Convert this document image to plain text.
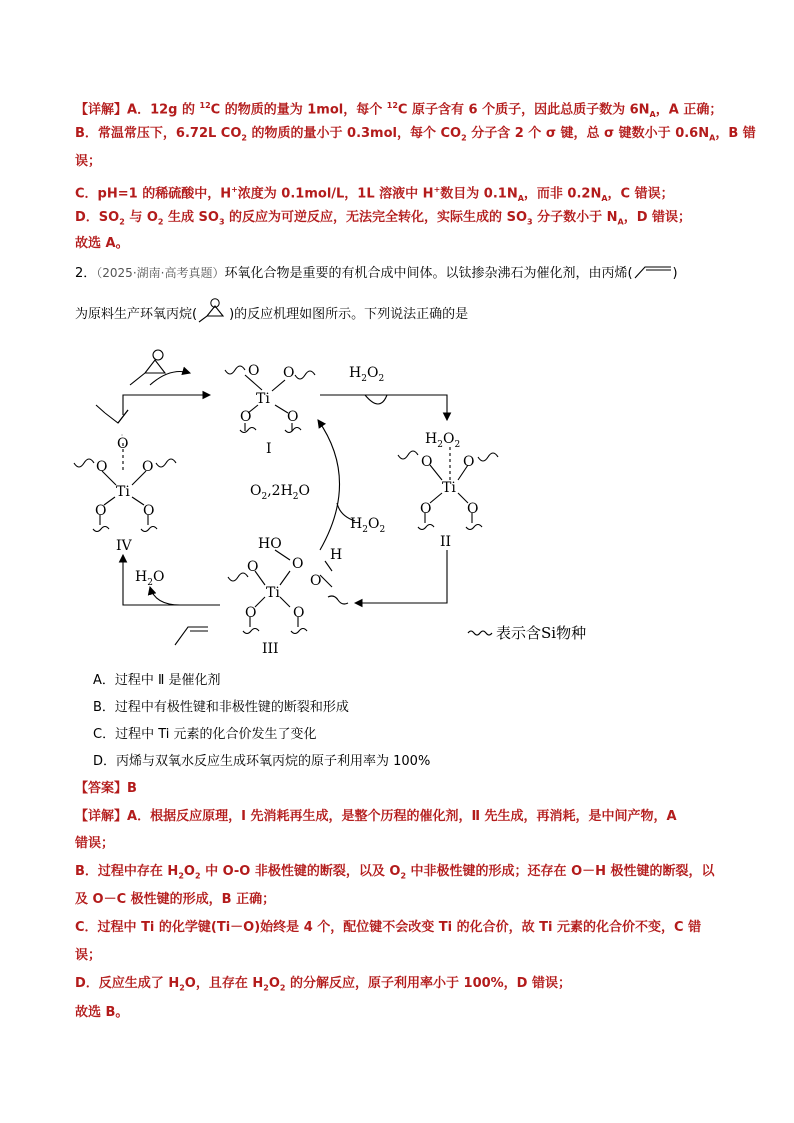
【详解】A．12g 的 $^{12}$C 的物质的量为 1mol，每个 $^{12}$C 原子含有 6 个质子，因此总质子数为 $6N_A$，A 正确；
B．常温常压下，6.72L $CO_2$ 的物质的量小于 0.3mol，每个 $CO_2$ 分子含 2 个 σ 键，总 σ 键数小于 $0.6N_A$，B 错
误；
C．pH=1 的稀硫酸中，H+浓度为 0.1mol/L，1L 溶液中 H+数目为 $0.1N_A$，而非 $0.2N_A$，C 错误；
D．$SO_2$ 与 $O_2$ 生成 $SO_3$ 的反应为可逆反应，无法完全转化，实际生成的 $SO_3$ 分子数小于 $N_A$，D 错误；
故选 A。
2．（2025·湖南·高考真题）环氧化合物是重要的有机合成中间体。以钛掺杂沸石为催化剂，由丙烯(	)
为原料生产环氧丙烷( )的反应机理如图所示。下列说法正确的是
Ti
O O
O	O
I
$H_2O_2$
$H_2O_2$
Ti
O O
O	O
II
$O_2,2H_2O$
$H_2O_2$
HO
O
H
O
Ti
O
O	O
III
O
Ti
O O
O	O
IV
$H_2O$
表示含Si物种
A．过程中 Ⅱ 是催化剂
B．过程中有极性键和非极性键的断裂和形成
C．过程中 Ti 元素的化合价发生了变化
D．丙烯与双氧水反应生成环氧丙烷的原子利用率为 100%
【答案】B
【详解】A．根据反应原理，Ⅰ 先消耗再生成，是整个历程的催化剂，Ⅱ 先生成，再消耗，是中间产物，A
错误；
B．过程中存在 $H_2O_2$ 中 O-O 非极性键的断裂，以及 $O_2$ 中非极性键的形成；还存在 O－H 极性键的断裂，以
及 O－C 极性键的形成，B 正确；
C．过程中 Ti 的化学键(Ti－O)始终是 4 个，配位键不会改变 Ti 的化合价，故 Ti 元素的化合价不变，C 错
误；
D．反应生成了 $H_2O$，且存在 $H_2O_2$ 的分解反应，原子利用率小于 100%，D 错误；
故选 B。
